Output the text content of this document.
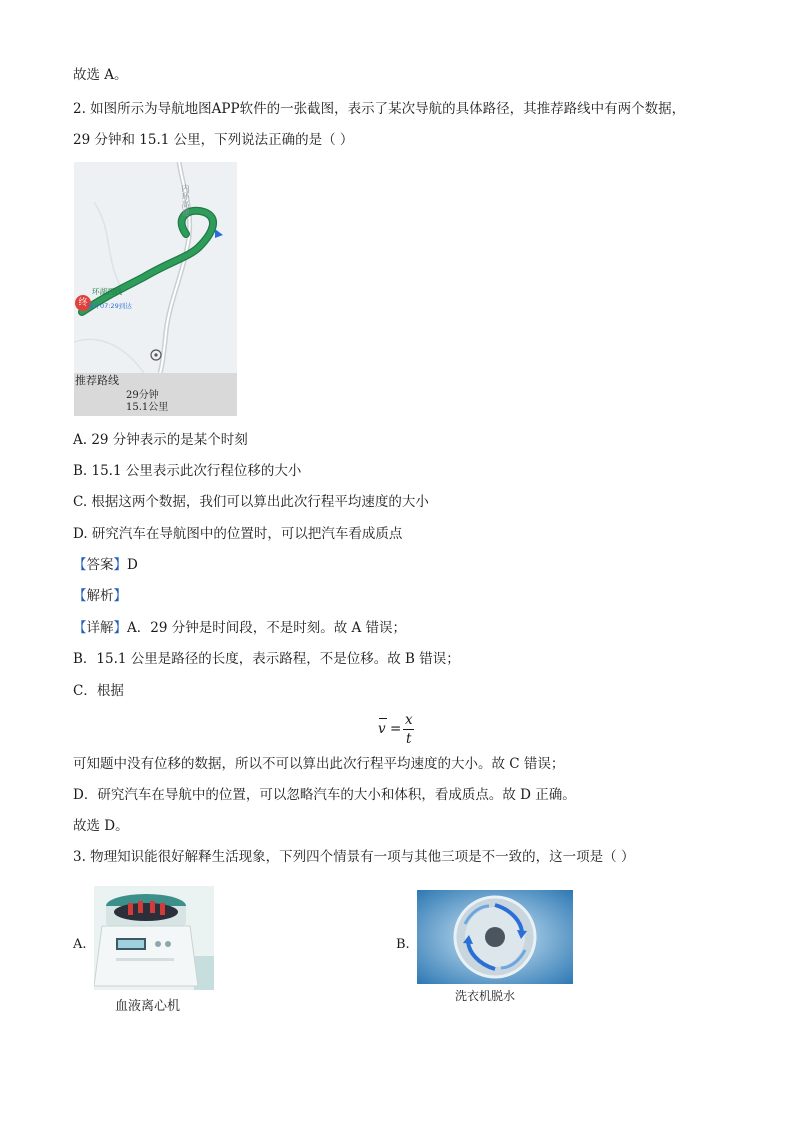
故选 A。
2. 如图所示为导航地图APP软件的一张截图，表示了某次导航的具体路径，其推荐路线中有两个数据，
29 分钟和 15.1 公里，下列说法正确的是（ ）
内环高速
终
环湖西线
预计07:29到达
推荐路线
29分钟
15.1公里
A. 29 分钟表示的是某个时刻
B. 15.1 公里表示此次行程位移的大小
C. 根据这两个数据，我们可以算出此次行程平均速度的大小
D. 研究汽车在导航图中的位置时，可以把汽车看成质点
【答案】D
【解析】
【详解】A．29 分钟是时间段，不是时刻。故 A 错误；
B．15.1 公里是路径的长度，表示路程，不是位移。故 B 错误；
C．根据
v =
x
t
可知题中没有位移的数据，所以不可以算出此次行程平均速度的大小。故 C 错误；
D．研究汽车在导航中的位置，可以忽略汽车的大小和体积，看成质点。故 D 正确。
故选 D。
3. 物理知识能很好解释生活现象，下列四个情景有一项与其他三项是不一致的，这一项是（ ）
A.
血液离心机
B.
洗衣机脱水
